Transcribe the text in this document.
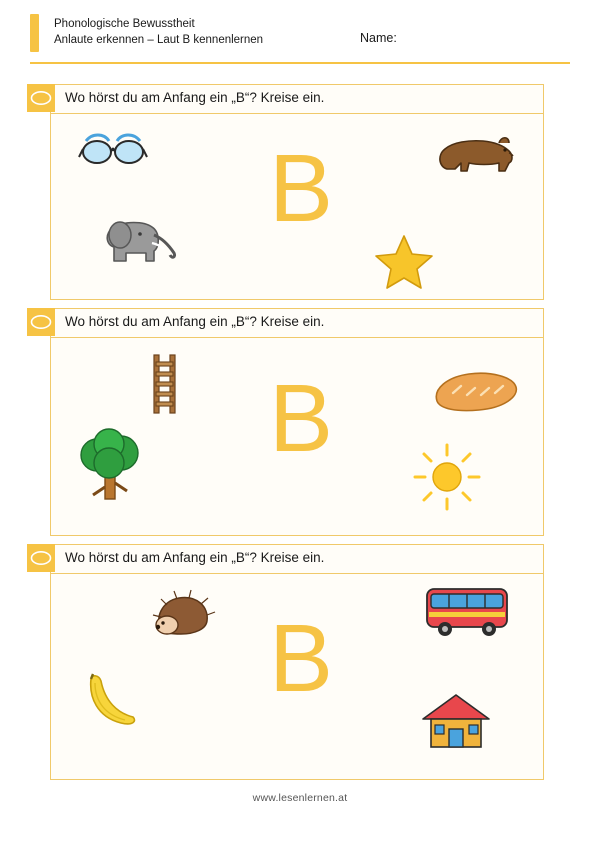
Phonologische Bewusstheit
Anlaute erkennen – Laut B kennenlernen	Name:
Wo hörst du am Anfang ein „B“? Kreise ein.
B
Wo hörst du am Anfang ein „B“? Kreise ein.
B
Wo hörst du am Anfang ein „B“? Kreise ein.
B
www.lesenlernen.at
